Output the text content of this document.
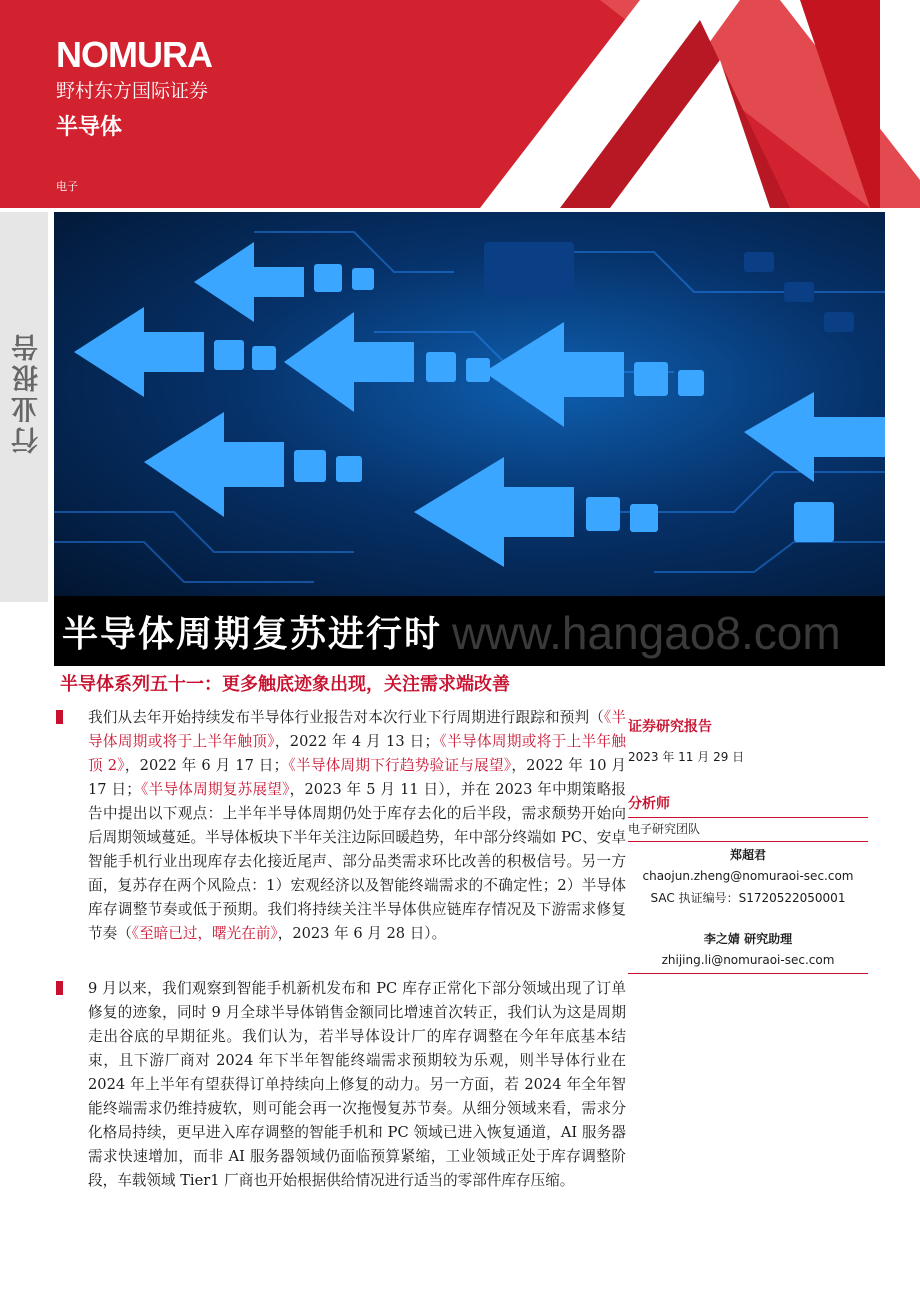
NOMURA
野村东方国际证券
半导体
电子
行业报告
www.hangao8.com
半导体周期复苏进行时
半导体系列五十一：更多触底迹象出现，关注需求端改善
我们从去年开始持续发布半导体行业报告对本次行业下行周期进行跟踪和预判（《半导体周期或将于上半年触顶》，2022 年 4 月 13 日；《半导体周期或将于上半年触顶 2》，2022 年 6 月 17 日；《半导体周期下行趋势验证与展望》，2022 年 10 月 17 日；《半导体周期复苏展望》，2023 年 5 月 11 日），并在 2023 年中期策略报告中提出以下观点：上半年半导体周期仍处于库存去化的后半段，需求颓势开始向后周期领域蔓延。半导体板块下半年关注边际回暖趋势，年中部分终端如 PC、安卓智能手机行业出现库存去化接近尾声、部分品类需求环比改善的积极信号。另一方面，复苏存在两个风险点：1）宏观经济以及智能终端需求的不确定性；2）半导体库存调整节奏或低于预期。我们将持续关注半导体供应链库存情况及下游需求修复节奏（《至暗已过，曙光在前》，2023 年 6 月 28 日）。
9 月以来，我们观察到智能手机新机发布和 PC 库存正常化下部分领域出现了订单修复的迹象，同时 9 月全球半导体销售金额同比增速首次转正，我们认为这是周期走出谷底的早期征兆。我们认为，若半导体设计厂的库存调整在今年年底基本结束，且下游厂商对 2024 年下半年智能终端需求预期较为乐观，则半导体行业在 2024 年上半年有望获得订单持续向上修复的动力。另一方面，若 2024 年全年智能终端需求仍维持疲软，则可能会再一次拖慢复苏节奏。从细分领域来看，需求分化格局持续，更早进入库存调整的智能手机和 PC 领域已进入恢复通道，AI 服务器需求快速增加，而非 AI 服务器领域仍面临预算紧缩，工业领域正处于库存调整阶段，车载领域 Tier1 厂商也开始根据供给情况进行适当的零部件库存压缩。
证券研究报告
2023 年 11 月 29 日
分析师
电子研究团队
郑超君
chaojun.zheng@nomuraoi-sec.com
SAC 执证编号：S1720522050001
李之婧 研究助理
zhijing.li@nomuraoi-sec.com
